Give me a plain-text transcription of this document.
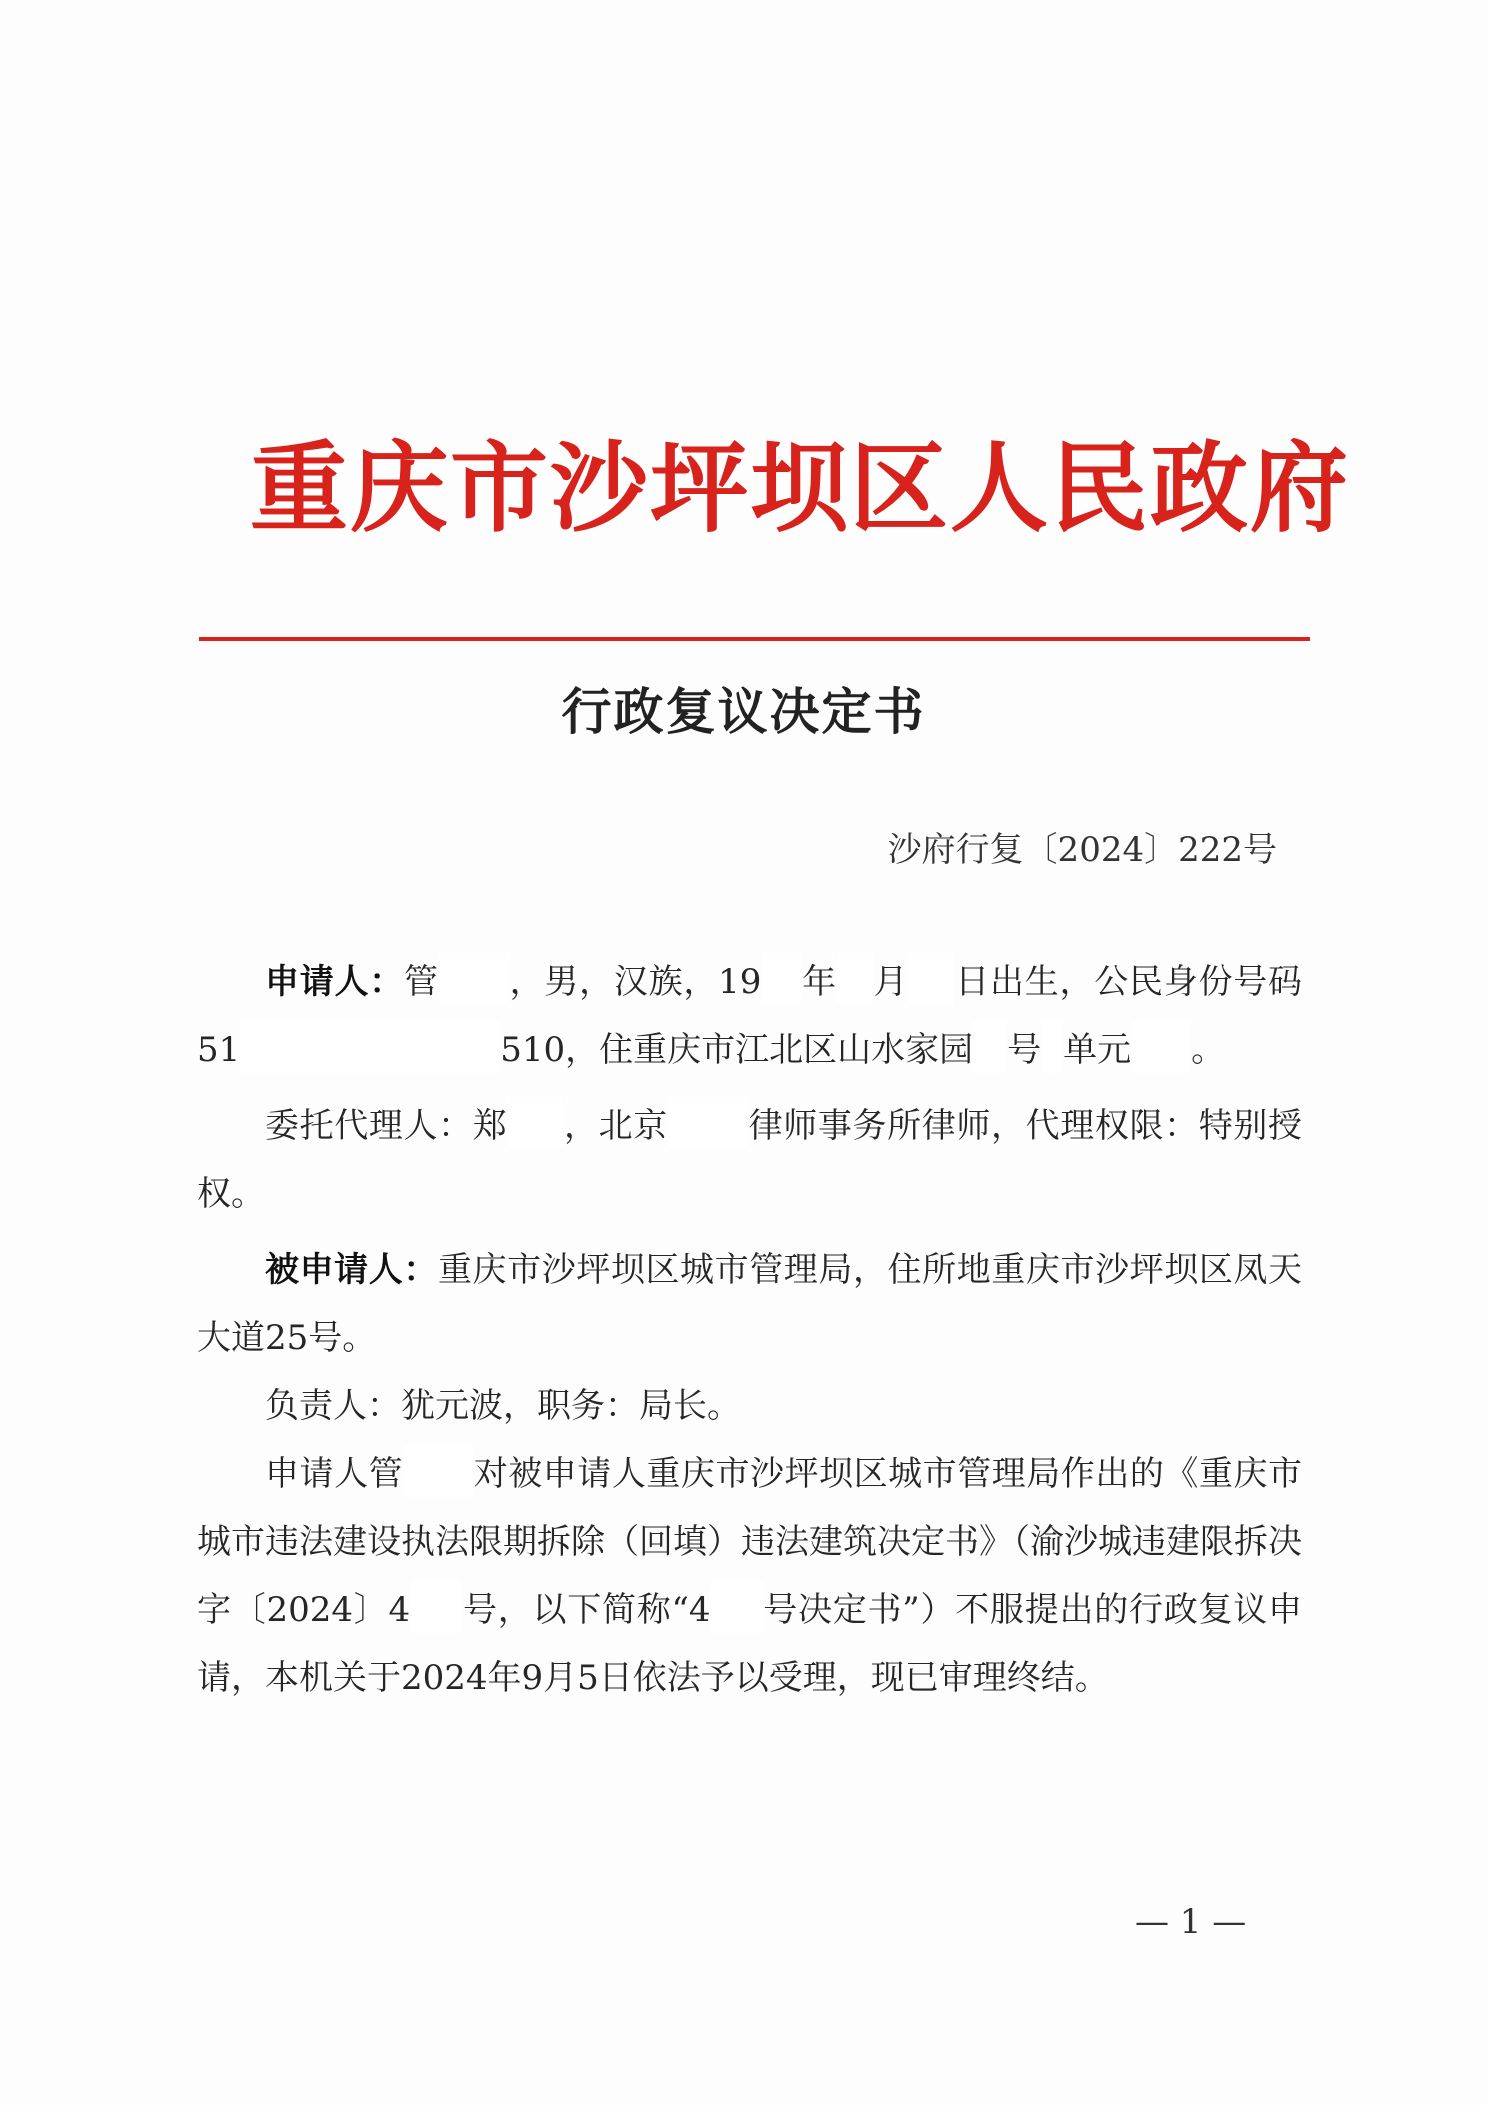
重庆市沙坪坝区人民政府
行政复议决定书
沙府行复〔2024〕222号

申请人：管 ，男，汉族，19 年 月 日出生，公民身份号码51	510，住重庆市江北区山水家园 号 单元 。

委托代理人：郑 ，北京 律师事务所律师，代理权限：特别授权。

被申请人：重庆市沙坪坝区城市管理局，住所地重庆市沙坪坝区凤天大道25号。

负责人：犹元波，职务：局长。

申请人管 对被申请人重庆市沙坪坝区城市管理局作出的《重庆市城市违法建设执法限期拆除（回填）违法建筑决定书》（渝沙城违建限拆决字〔2024〕4 号，以下简称“4 号决定书”）不服提出的行政复议申请，本机关于2024年9月5日依法予以受理，现已审理终结。

— 1 —
